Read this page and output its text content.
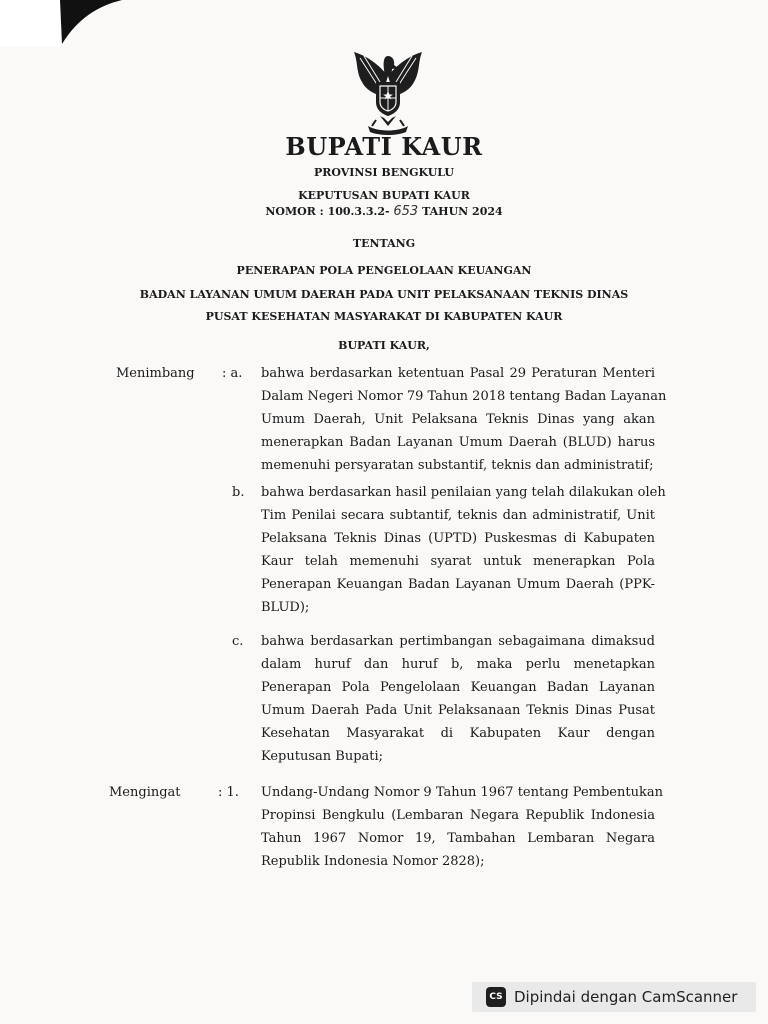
BUPATI KAUR
PROVINSI BENGKULU
KEPUTUSAN BUPATI KAUR
NOMOR : 100.3.3.2- 653 TAHUN 2024
TENTANG
PENERAPAN POLA PENGELOLAAN KEUANGAN
BADAN LAYANAN UMUM DAERAH PADA UNIT PELAKSANAAN TEKNIS DINAS
PUSAT KESEHATAN MASYARAKAT DI KABUPATEN KAUR
BUPATI KAUR,
Menimbang : a. bahwa berdasarkan ketentuan Pasal 29 Peraturan Menteri
Dalam Negeri Nomor 79 Tahun 2018 tentang Badan Layanan
Umum Daerah, Unit Pelaksana Teknis Dinas yang akan
menerapkan Badan Layanan Umum Daerah (BLUD) harus
memenuhi persyaratan substantif, teknis dan administratif;
b. bahwa berdasarkan hasil penilaian yang telah dilakukan oleh
Tim Penilai secara subtantif, teknis dan administratif, Unit
Pelaksana Teknis Dinas (UPTD) Puskesmas di Kabupaten
Kaur telah memenuhi syarat untuk menerapkan Pola
Penerapan Keuangan Badan Layanan Umum Daerah (PPK-
BLUD);
c. bahwa berdasarkan pertimbangan sebagaimana dimaksud
dalam huruf dan huruf b, maka perlu menetapkan
Penerapan Pola Pengelolaan Keuangan Badan Layanan
Umum Daerah Pada Unit Pelaksanaan Teknis Dinas Pusat
Kesehatan Masyarakat di Kabupaten Kaur dengan
Keputusan Bupati;
Mengingat	: 1. Undang-Undang Nomor 9 Tahun 1967 tentang Pembentukan
Propinsi Bengkulu (Lembaran Negara Republik Indonesia
Tahun 1967 Nomor 19, Tambahan Lembaran Negara
Republik Indonesia Nomor 2828);
CS Dipindai dengan CamScanner
